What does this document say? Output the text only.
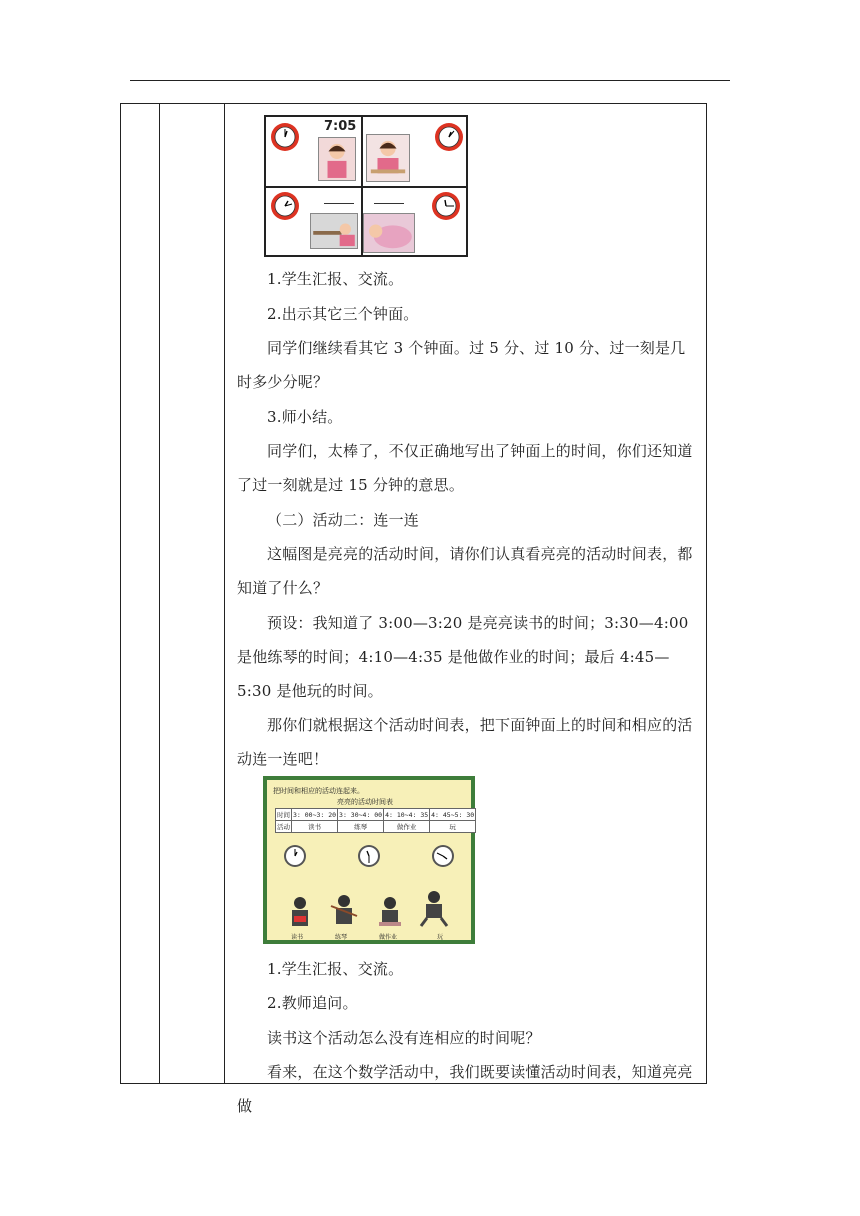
7:05

1.学生汇报、交流。

2.出示其它三个钟面。

同学们继续看其它 3 个钟面。过 5 分、过 10 分、过一刻是几时多少分呢？

3.师小结。

同学们，太棒了，不仅正确地写出了钟面上的时间，你们还知道了过一刻就是过 15 分钟的意思。

（二）活动二：连一连

这幅图是亮亮的活动时间，请你们认真看亮亮的活动时间表，都知道了什么？

预设：我知道了 3:00—3:20 是亮亮读书的时间；3:30—4:00 是他练琴的时间；4:10—4:35 是他做作业的时间；最后 4:45—5:30 是他玩的时间。

那你们就根据这个活动时间表，把下面钟面上的时间和相应的活动连一连吧！

把时间和相应的活动连起来。
亮亮的活动时间表
时间	3: 00~3: 20	3: 30~4: 00	4: 10~4: 35	4: 45~5: 30
活动	读书	练琴	做作业	玩
读书	练琴	做作业	玩

1.学生汇报、交流。

2.教师追问。

读书这个活动怎么没有连相应的时间呢？

看来，在这个数学活动中，我们既要读懂活动时间表，知道亮亮做
